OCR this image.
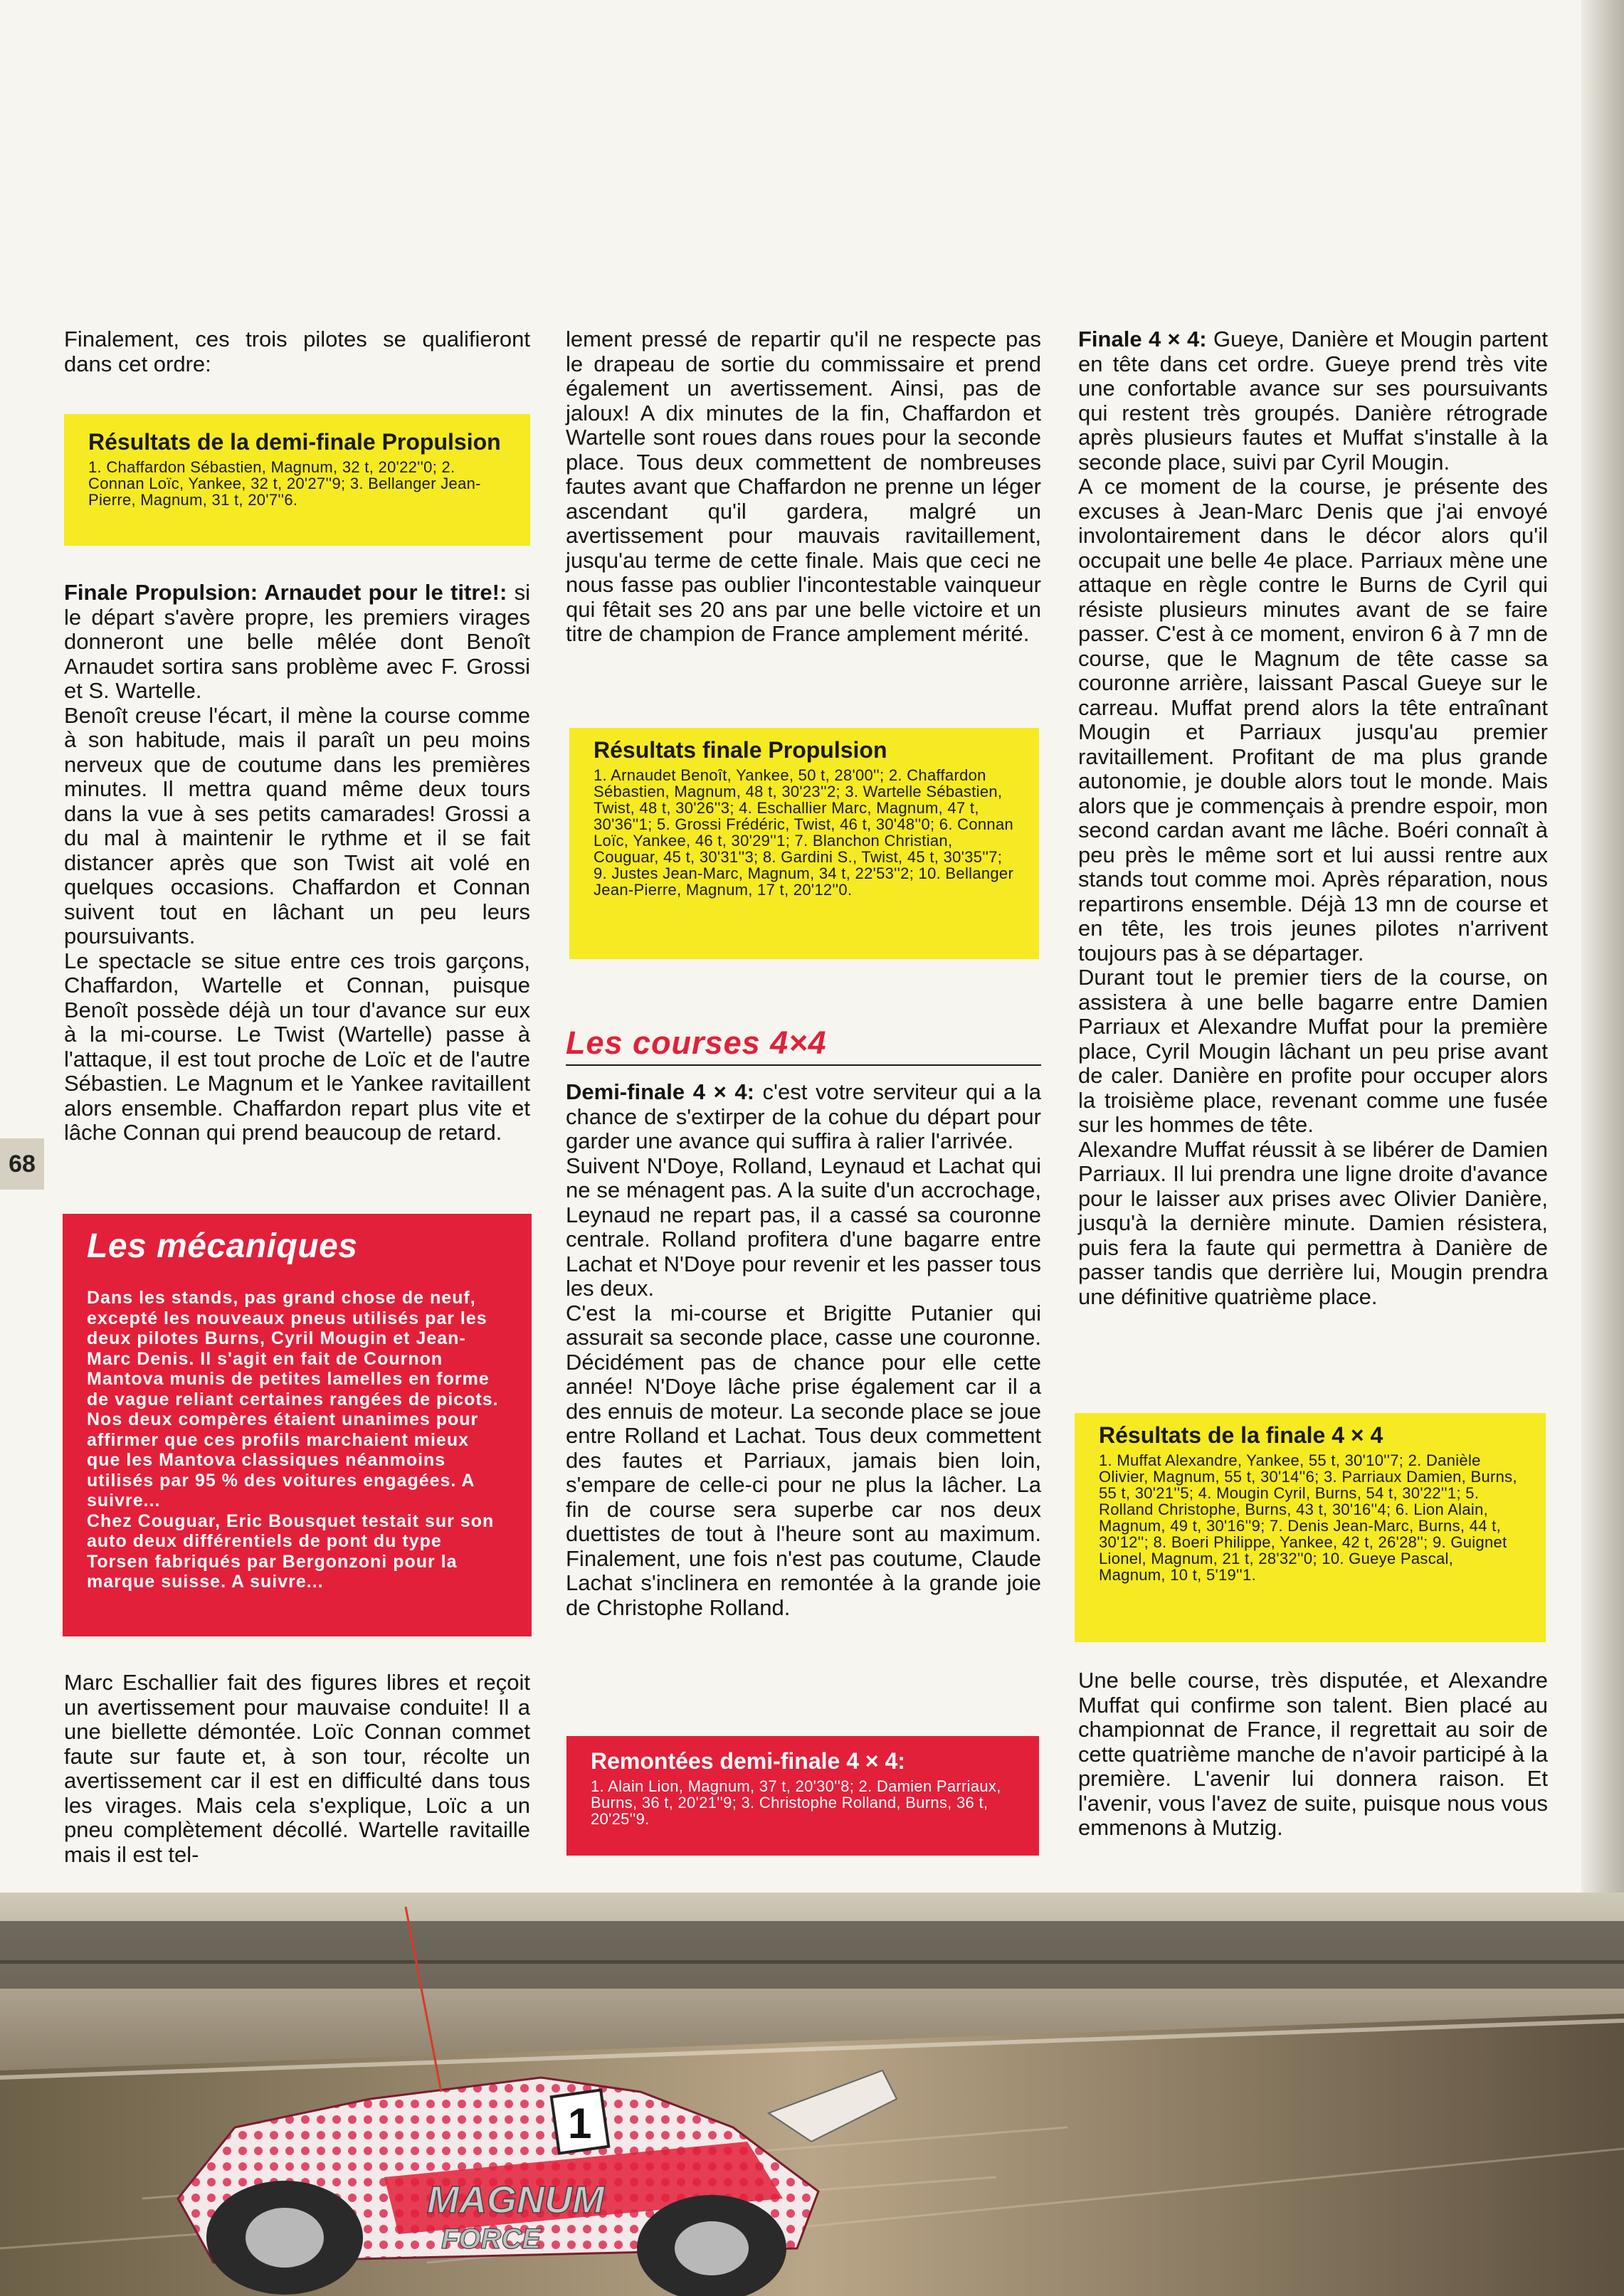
68

Finalement, ces trois pilotes se qualifieront dans cet ordre:

Résultats de la demi-finale Propulsion
1. Chaffardon Sébastien, Magnum, 32 t, 20'22''0; 2. Connan Loïc, Yankee, 32 t, 20'27''9; 3. Bellanger Jean-Pierre, Magnum, 31 t, 20'7''6.

Finale Propulsion: Arnaudet pour le titre!: si le départ s'avère propre, les premiers virages donneront une belle mêlée dont Benoît Arnaudet sortira sans problème avec F. Grossi et S. Wartelle.

Benoît creuse l'écart, il mène la course comme à son habitude, mais il paraît un peu moins nerveux que de coutume dans les premières minutes. Il mettra quand même deux tours dans la vue à ses petits camarades! Grossi a du mal à maintenir le rythme et il se fait distancer après que son Twist ait volé en quelques occasions. Chaffardon et Connan suivent tout en lâchant un peu leurs poursuivants.

Le spectacle se situe entre ces trois garçons, Chaffardon, Wartelle et Connan, puisque Benoît possède déjà un tour d'avance sur eux à la mi-course. Le Twist (Wartelle) passe à l'attaque, il est tout proche de Loïc et de l'autre Sébastien. Le Magnum et le Yankee ravitaillent alors ensemble. Chaffardon repart plus vite et lâche Connan qui prend beaucoup de retard.

Les mécaniques
Dans les stands, pas grand chose de neuf, excepté les nouveaux pneus utilisés par les deux pilotes Burns, Cyril Mougin et Jean-Marc Denis. Il s'agit en fait de Cournon Mantova munis de petites lamelles en forme de vague reliant certaines rangées de picots. Nos deux compères étaient unanimes pour affirmer que ces profils marchaient mieux que les Mantova classiques néanmoins utilisés par 95 % des voitures engagées. A suivre...
Chez Couguar, Eric Bousquet testait sur son auto deux différentiels de pont du type Torsen fabriqués par Bergonzoni pour la marque suisse. A suivre...

Marc Eschallier fait des figures libres et reçoit un avertissement pour mauvaise conduite! Il a une biellette démontée. Loïc Connan commet faute sur faute et, à son tour, récolte un avertissement car il est en difficulté dans tous les virages. Mais cela s'explique, Loïc a un pneu complètement décollé. Wartelle ravitaille mais il est tel-

lement pressé de repartir qu'il ne respecte pas le drapeau de sortie du commissaire et prend également un avertissement. Ainsi, pas de jaloux! A dix minutes de la fin, Chaffardon et Wartelle sont roues dans roues pour la seconde place. Tous deux commettent de nombreuses fautes avant que Chaffardon ne prenne un léger ascendant qu'il gardera, malgré un avertissement pour mauvais ravitaillement, jusqu'au terme de cette finale. Mais que ceci ne nous fasse pas oublier l'incontestable vainqueur qui fêtait ses 20 ans par une belle victoire et un titre de champion de France amplement mérité.

Résultats finale Propulsion
1. Arnaudet Benoît, Yankee, 50 t, 28'00''; 2. Chaffardon Sébastien, Magnum, 48 t, 30'23''2; 3. Wartelle Sébastien, Twist, 48 t, 30'26''3; 4. Eschallier Marc, Magnum, 47 t, 30'36''1; 5. Grossi Frédéric, Twist, 46 t, 30'48''0; 6. Connan Loïc, Yankee, 46 t, 30'29''1; 7. Blanchon Christian, Couguar, 45 t, 30'31''3; 8. Gardini S., Twist, 45 t, 30'35''7; 9. Justes Jean-Marc, Magnum, 34 t, 22'53''2; 10. Bellanger Jean-Pierre, Magnum, 17 t, 20'12''0.
Les courses 4×4

Demi-finale 4 × 4: c'est votre serviteur qui a la chance de s'extirper de la cohue du départ pour garder une avance qui suffira à ralier l'arrivée.

Suivent N'Doye, Rolland, Leynaud et Lachat qui ne se ménagent pas. A la suite d'un accrochage, Leynaud ne repart pas, il a cassé sa couronne centrale. Rolland profitera d'une bagarre entre Lachat et N'Doye pour revenir et les passer tous les deux.

C'est la mi-course et Brigitte Putanier qui assurait sa seconde place, casse une couronne. Décidément pas de chance pour elle cette année! N'Doye lâche prise également car il a des ennuis de moteur. La seconde place se joue entre Rolland et Lachat. Tous deux commettent des fautes et Parriaux, jamais bien loin, s'empare de celle-ci pour ne plus la lâcher. La fin de course sera superbe car nos deux duettistes de tout à l'heure sont au maximum. Finalement, une fois n'est pas coutume, Claude Lachat s'inclinera en remontée à la grande joie de Christophe Rolland.

Remontées demi-finale 4 × 4:
1. Alain Lion, Magnum, 37 t, 20'30''8; 2. Damien Parriaux, Burns, 36 t, 20'21''9; 3. Christophe Rolland, Burns, 36 t, 20'25''9.

Finale 4 × 4: Gueye, Danière et Mougin partent en tête dans cet ordre. Gueye prend très vite une confortable avance sur ses poursuivants qui restent très groupés. Danière rétrograde après plusieurs fautes et Muffat s'installe à la seconde place, suivi par Cyril Mougin.

A ce moment de la course, je présente des excuses à Jean-Marc Denis que j'ai envoyé involontairement dans le décor alors qu'il occupait une belle 4e place. Parriaux mène une attaque en règle contre le Burns de Cyril qui résiste plusieurs minutes avant de se faire passer. C'est à ce moment, environ 6 à 7 mn de course, que le Magnum de tête casse sa couronne arrière, laissant Pascal Gueye sur le carreau. Muffat prend alors la tête entraînant Mougin et Parriaux jusqu'au premier ravitaillement. Profitant de ma plus grande autonomie, je double alors tout le monde. Mais alors que je commençais à prendre espoir, mon second cardan avant me lâche. Boéri connaît à peu près le même sort et lui aussi rentre aux stands tout comme moi. Après réparation, nous repartirons ensemble. Déjà 13 mn de course et en tête, les trois jeunes pilotes n'arrivent toujours pas à se départager.

Durant tout le premier tiers de la course, on assistera à une belle bagarre entre Damien Parriaux et Alexandre Muffat pour la première place, Cyril Mougin lâchant un peu prise avant de caler. Danière en profite pour occuper alors la troisième place, revenant comme une fusée sur les hommes de tête.

Alexandre Muffat réussit à se libérer de Damien Parriaux. Il lui prendra une ligne droite d'avance pour le laisser aux prises avec Olivier Danière, jusqu'à la dernière minute. Damien résistera, puis fera la faute qui permettra à Danière de passer tandis que derrière lui, Mougin prendra une définitive quatrième place.

Résultats de la finale 4 × 4
1. Muffat Alexandre, Yankee, 55 t, 30'10''7; 2. Danièle Olivier, Magnum, 55 t, 30'14''6; 3. Parriaux Damien, Burns, 55 t, 30'21''5; 4. Mougin Cyril, Burns, 54 t, 30'22''1; 5. Rolland Christophe, Burns, 43 t, 30'16''4; 6. Lion Alain, Magnum, 49 t, 30'16''9; 7. Denis Jean-Marc, Burns, 44 t, 30'12''; 8. Boeri Philippe, Yankee, 42 t, 26'28''; 9. Guignet Lionel, Magnum, 21 t, 28'32''0; 10. Gueye Pascal, Magnum, 10 t, 5'19''1.

Une belle course, très disputée, et Alexandre Muffat qui confirme son talent. Bien placé au championnat de France, il regrettait au soir de cette quatrième manche de n'avoir participé à la première. L'avenir lui donnera raison. Et l'avenir, vous l'avez de suite, puisque nous vous emmenons à Mutzig.

1
MAGNUM
FORCE
